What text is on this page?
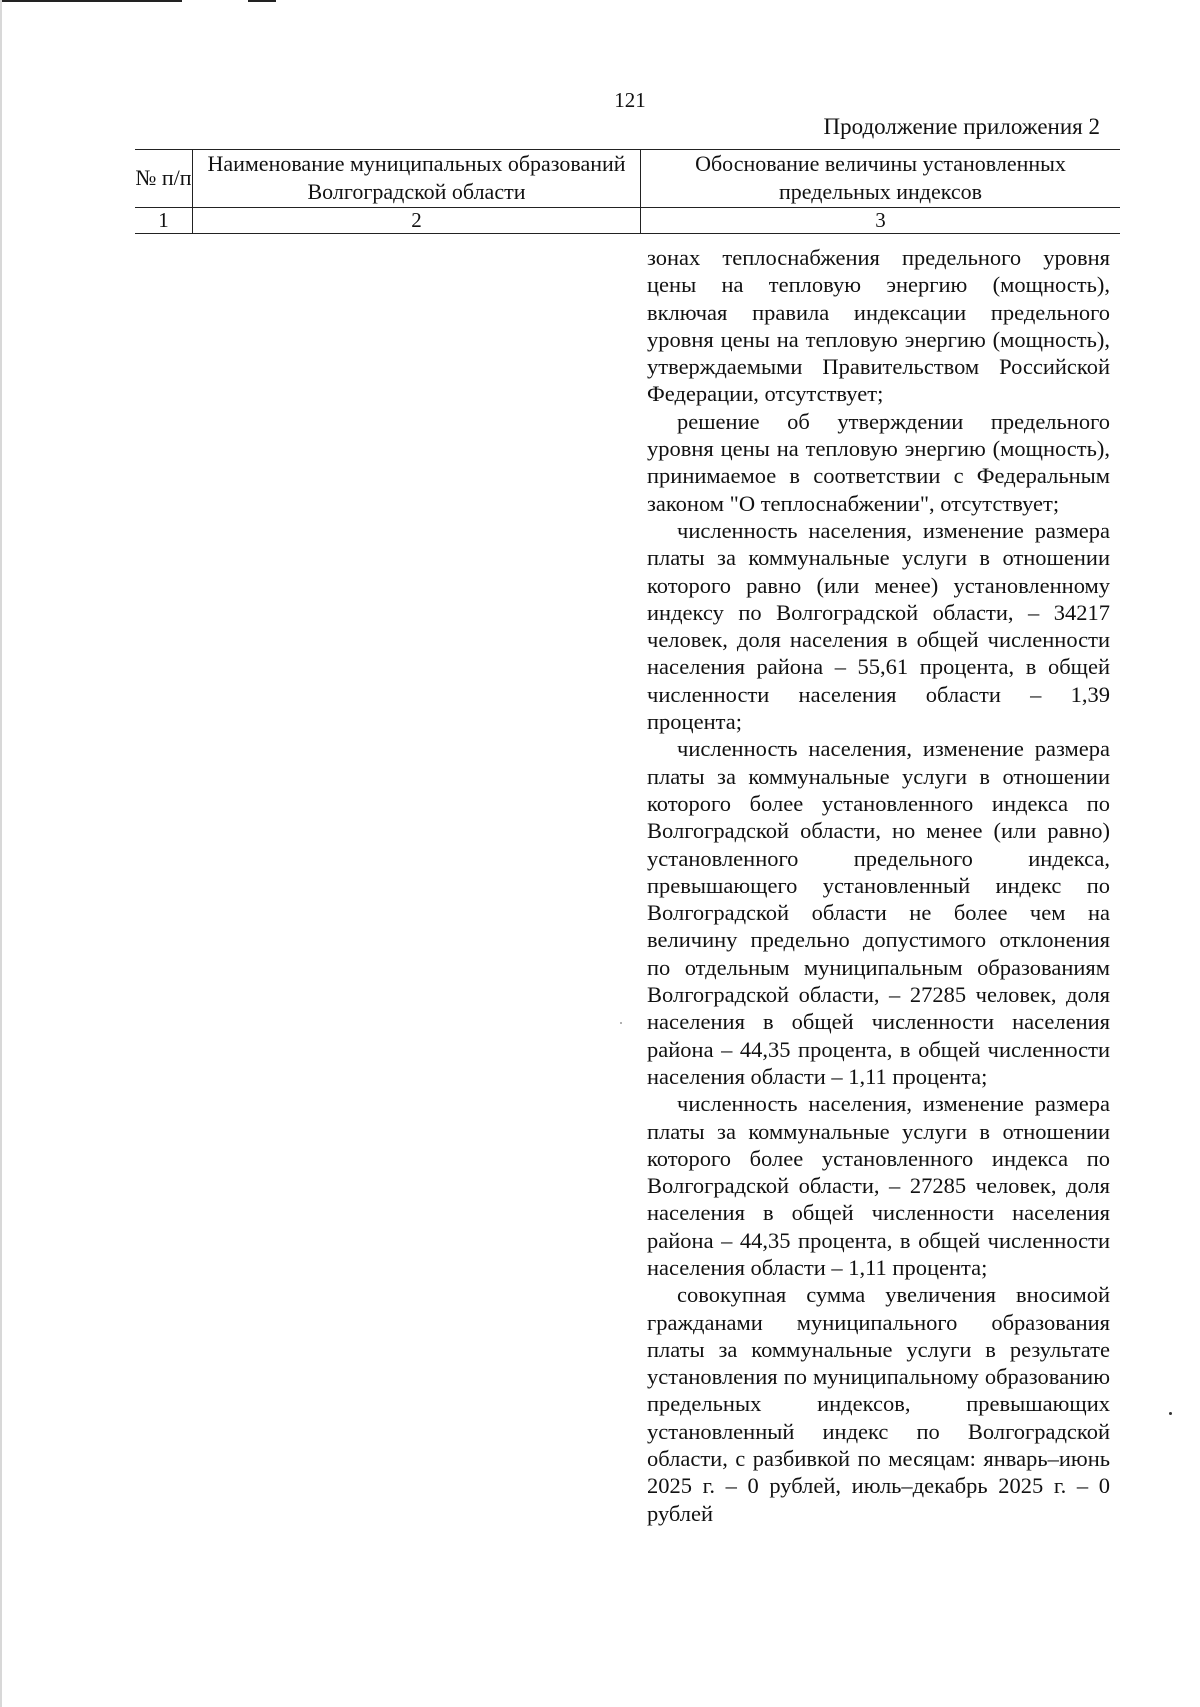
121
Продолжение приложения 2
№ п/п
Наименование муниципальных образований Волгоградской области
Обоснование величины установленных предельных индексов
1	2	3

зонах теплоснабжения предельного уровня цены на тепловую энергию (мощность), включая правила индексации предельного уровня цены на тепловую энергию (мощность), утверждаемыми Правительством Российской Федерации, отсутствует;

решение об утверждении предельного уровня цены на тепловую энергию (мощность), принимаемое в соответствии с Федеральным законом "О теплоснабжении", отсутствует;

численность населения, изменение размера платы за коммунальные услуги в отношении которого равно (или менее) установленному индексу по Волгоградской области, – 34217 человек, доля населения в общей численности населения района – 55,61 процента, в общей численности населения области – 1,39 процента;

численность населения, изменение размера платы за коммунальные услуги в отношении которого более установленного индекса по Волгоградской области, но менее (или равно) установленного предельного индекса, превышающего установленный индекс по Волгоградской области не более чем на величину предельно допустимого отклонения по отдельным муниципальным образованиям Волгоградской области, – 27285 человек, доля населения в общей численности населения района – 44,35 процента, в общей численности населения области – 1,11 процента;

численность населения, изменение размера платы за коммунальные услуги в отношении которого более установленного индекса по Волгоградской области, – 27285 человек, доля населения в общей численности населения района – 44,35 процента, в общей численности населения области – 1,11 процента;

совокупная сумма увеличения вносимой гражданами муниципального образования платы за коммунальные услуги в результате установления по муниципальному образованию предельных индексов, превышающих установленный индекс по Волгоградской области, с разбивкой по месяцам: январь–июнь 2025 г. – 0 рублей, июль–декабрь 2025 г. – 0 рублей
